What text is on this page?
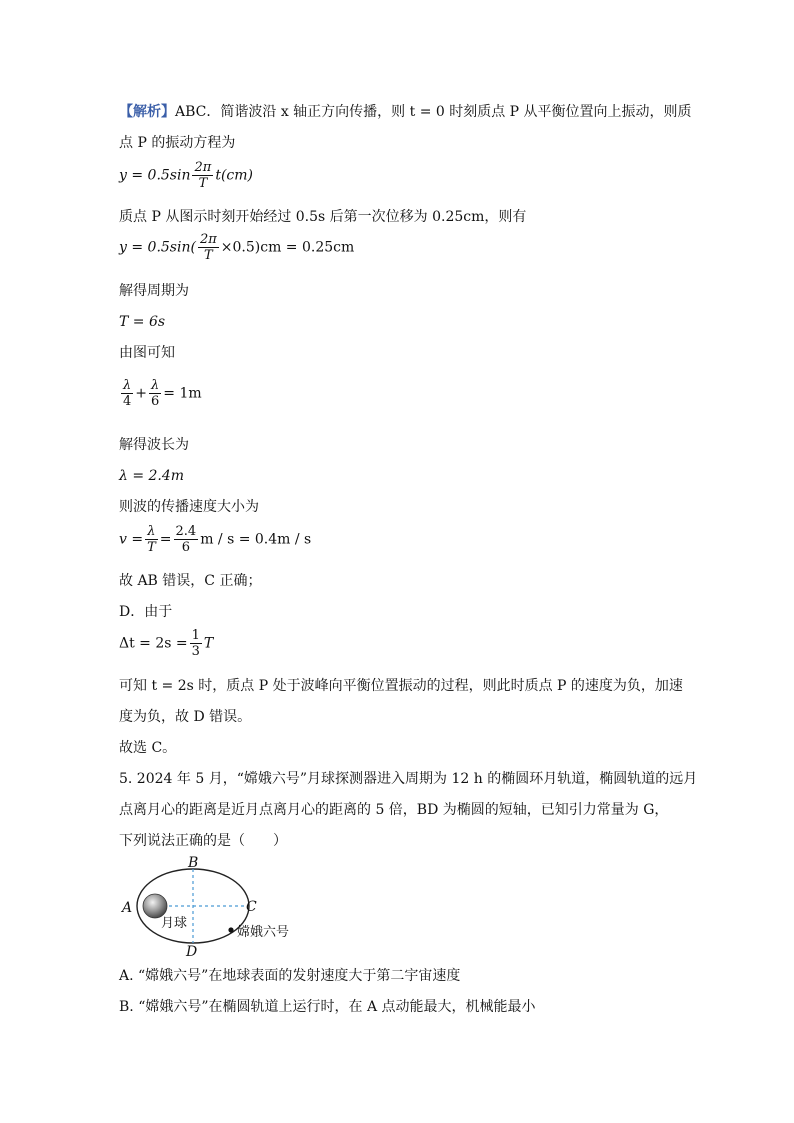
【解析】ABC．简谐波沿 x 轴正方向传播，则 t = 0 时刻质点 P 从平衡位置向上振动，则质
点 P 的振动方程为
$y = 0.5\sin \frac{2\pi}{T} t(cm)$
质点 P 从图示时刻开始经过 0.5s 后第一次位移为 0.25cm，则有
$y = 0.5\sin( \frac{2\pi}{T} \times 0.5)cm = 0.25cm$
解得周期为
T = 6s
由图可知
$\frac{\lambda}{4} + \frac{\lambda}{6} = 1m$
解得波长为
λ = 2.4m
则波的传播速度大小为
$v = \frac{\lambda}{T} = \frac{2.4}{6}$ m / s = 0.4m / s
故 AB 错误，C 正确；
D．由于
$\Delta t = 2s = \frac{1}{3}$ T
可知 t = 2s 时，质点 P 处于波峰向平衡位置振动的过程，则此时质点 P 的速度为负，加速
度为负，故 D 错误。
故选 C。
5. 2024 年 5 月，“嫦娥六号”月球探测器进入周期为 12 h 的椭圆环月轨道，椭圆轨道的远月
点离月心的距离是近月点离月心的距离的 5 倍，BD 为椭圆的短轴，已知引力常量为 G，
下列说法正确的是（　　）
A
B
C
D
月球
嫦娥六号
A. “嫦娥六号”在地球表面的发射速度大于第二宇宙速度
B. “嫦娥六号”在椭圆轨道上运行时，在 A 点动能最大，机械能最小
